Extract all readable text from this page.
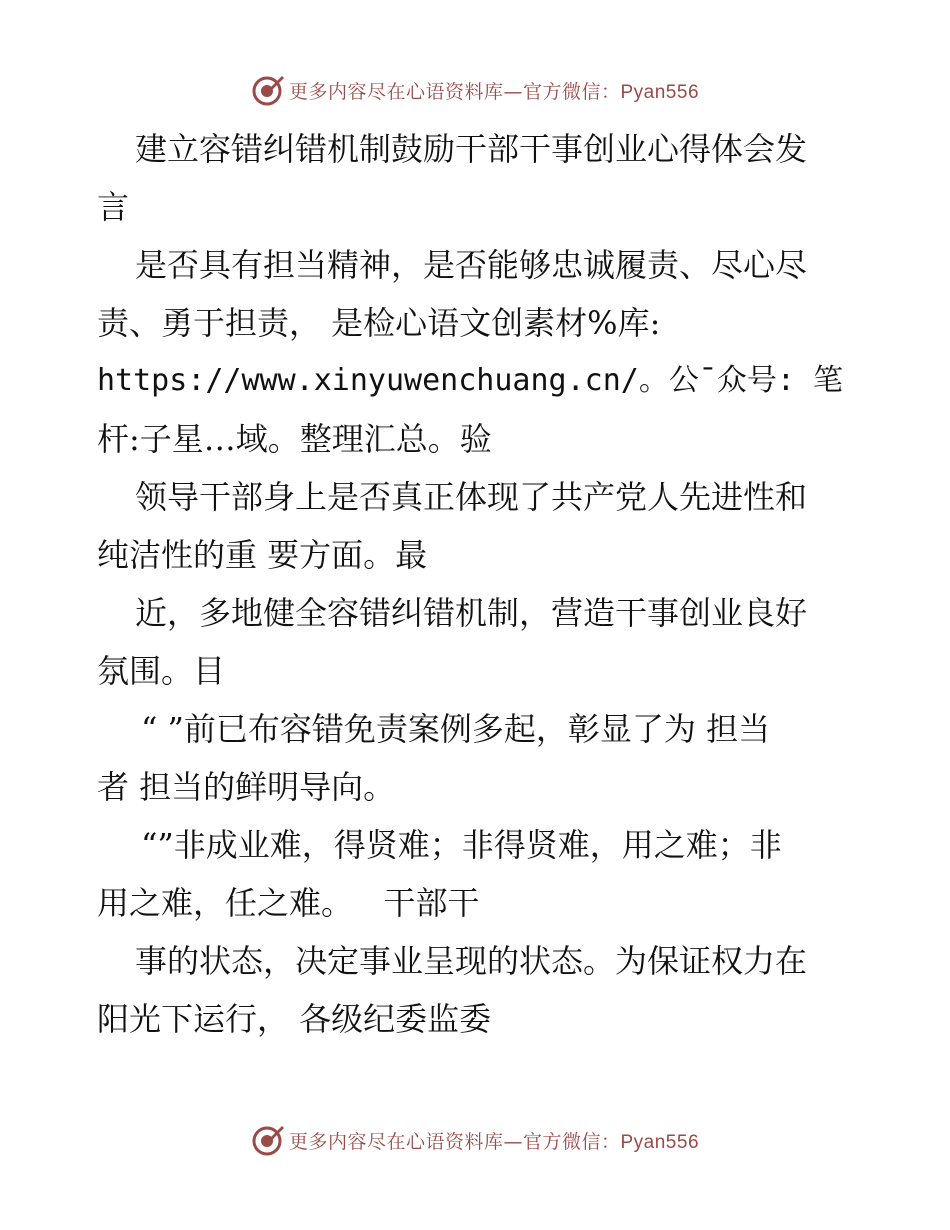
更多内容尽在心语资料库—官方微信：Pyan556
建立容错纠错机制鼓励干部干事创业心得体会发
言
是否具有担当精神，是否能够忠诚履责、尽心尽
责、勇于担责， 是检心语文创素材%库:
https://www.xinyuwenchuang.cn/。公¯众号: 笔
杆:子星…域。整理汇总。验
领导干部身上是否真正体现了共产党人先进性和
纯洁性的重 要方面。最
近，多地健全容错纠错机制，营造干事创业良好
氛围。目
“ ”前已布容错免责案例多起，彰显了为 担当
者 担当的鲜明导向。
“”非成业难，得贤难；非得贤难，用之难；非
用之难，任之难。   干部干
事的状态，决定事业呈现的状态。为保证权力在
阳光下运行， 各级纪委监委
更多内容尽在心语资料库—官方微信：Pyan556
